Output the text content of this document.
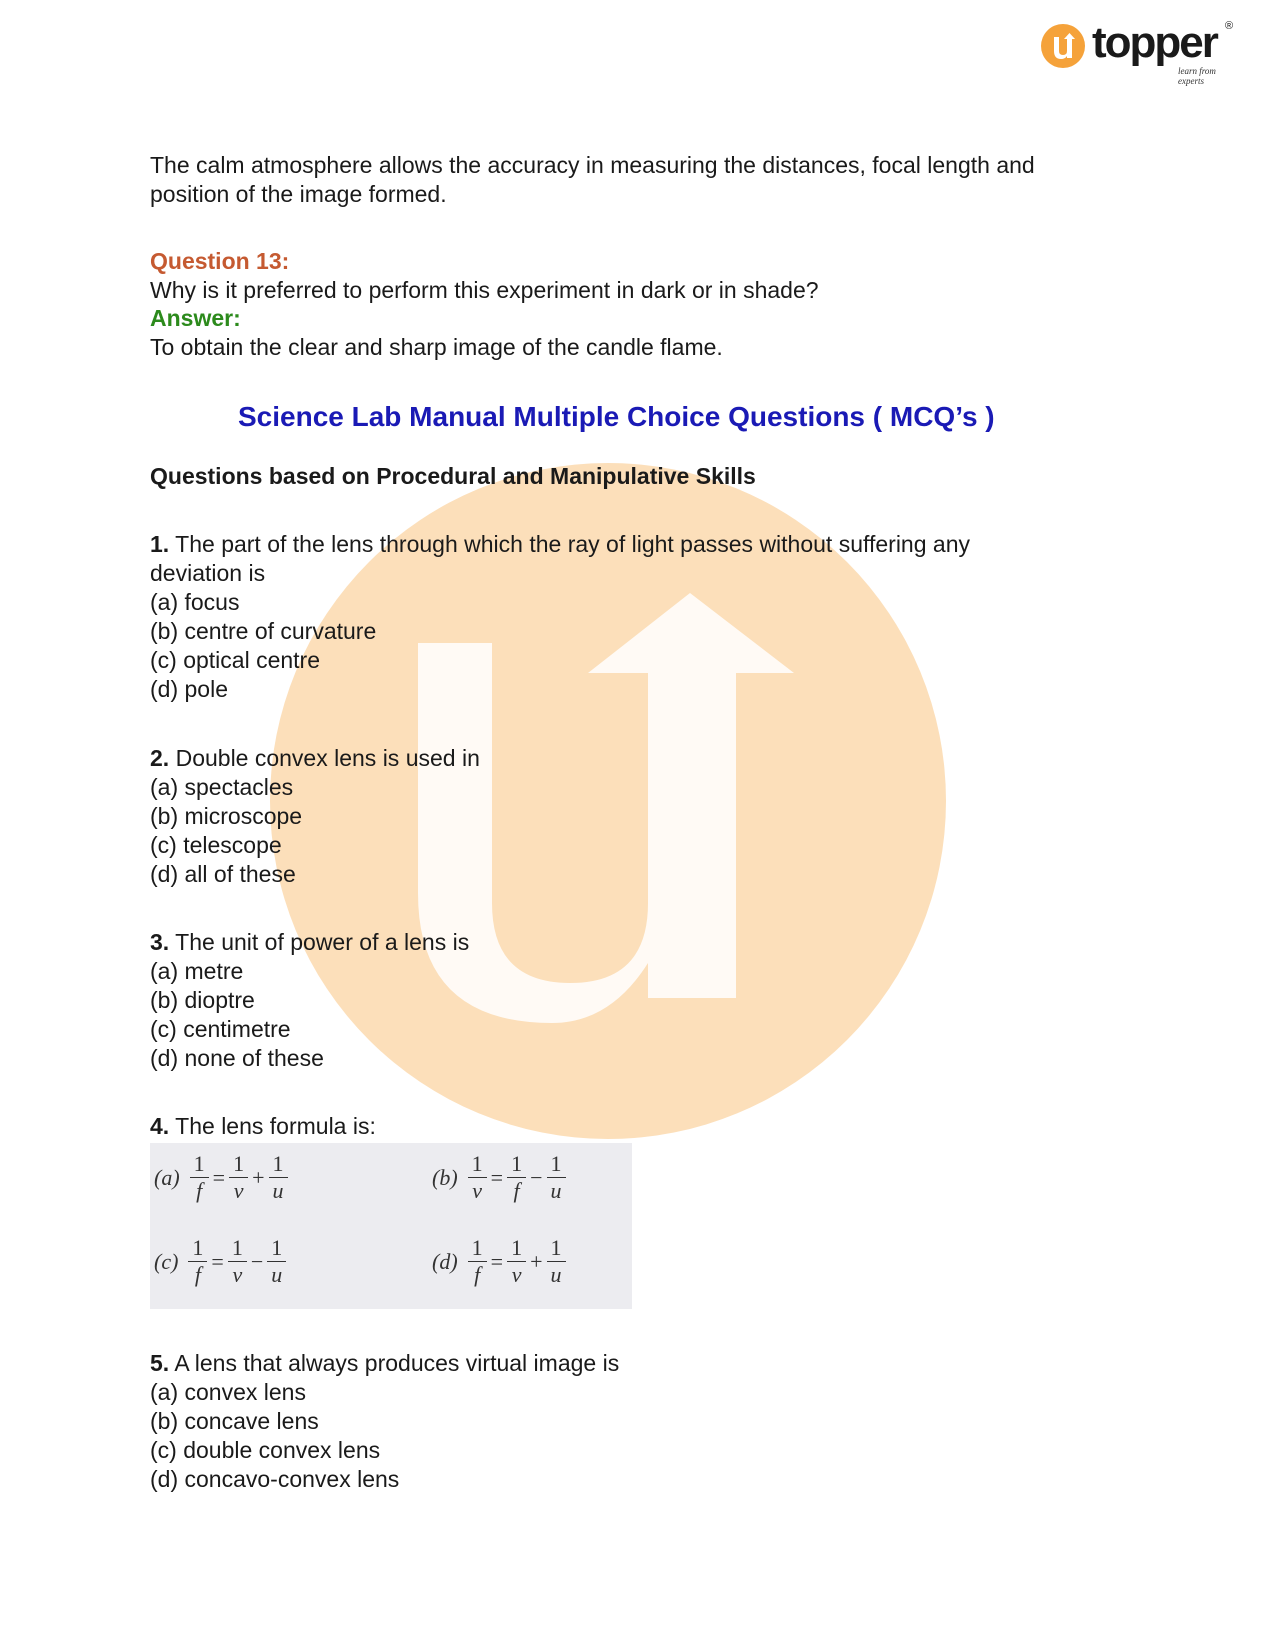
topper ®
learn from experts

The calm atmosphere allows the accuracy in measuring the distances, focal length and

position of the image formed.

Question 13:

Why is it preferred to perform this experiment in dark or in shade?

Answer:

To obtain the clear and sharp image of the candle flame.

Science Lab Manual Multiple Choice Questions ( MCQ’s )

Questions based on Procedural and Manipulative Skills

1. The part of the lens through which the ray of light passes without suffering any

deviation is

(a) focus
(b) centre of curvature
(c) optical centre
(d) pole

2. Double convex lens is used in

(a) spectacles
(b) microscope
(c) telescope
(d) all of these

3. The unit of power of a lens is

(a) metre
(b) dioptre
(c) centimetre
(d) none of these

4. The lens formula is:

5. A lens that always produces virtual image is

(a) convex lens
(b) concave lens
(c) double convex lens
(d) concavo-convex lens
$(a) \frac{1}{f} = \frac{1}{v} + \frac{1}{u}$	$(b) \frac{1}{v} = \frac{1}{f} - \frac{1}{u}$
$(c) \frac{1}{f} = \frac{1}{v} - \frac{1}{u}$	$(d) \frac{1}{f} = \frac{1}{v} + \frac{1}{u}$
